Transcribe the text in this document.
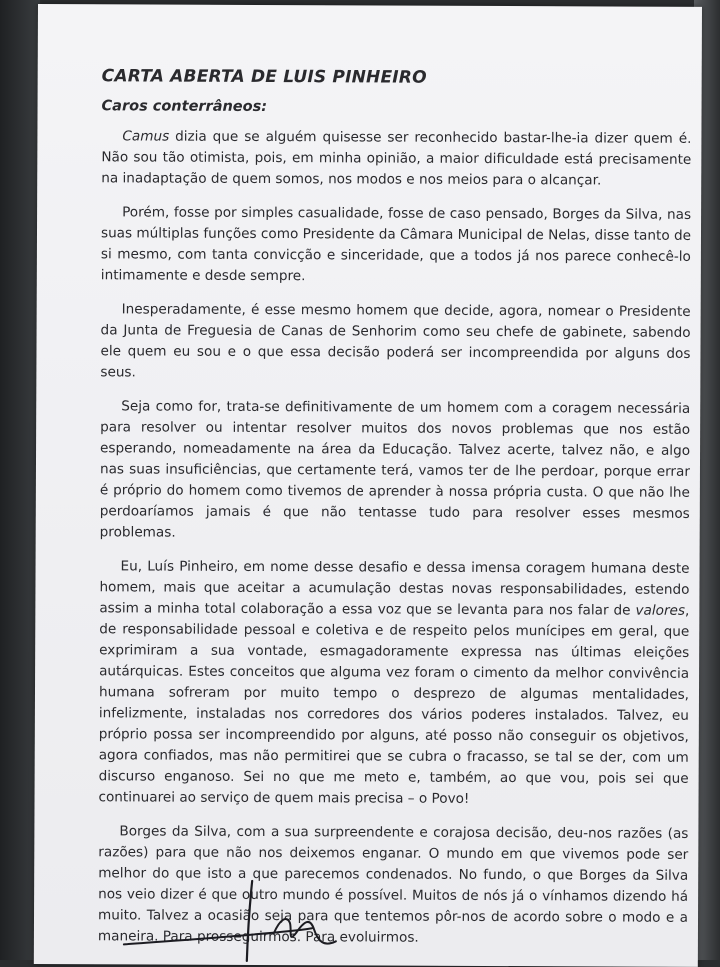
CARTA ABERTA DE LUIS PINHEIRO
Caros conterrâneos:

Camus dizia que se alguém quisesse ser reconhecido bastar-lhe-ia dizer quem é. Não sou tão otimista, pois, em minha opinião, a maior dificuldade está precisamente na inadaptação de quem somos, nos modos e nos meios para o alcançar.

Porém, fosse por simples casualidade, fosse de caso pensado, Borges da Silva, nas suas múltiplas funções como Presidente da Câmara Municipal de Nelas, disse tanto de si mesmo, com tanta convicção e sinceridade, que a todos já nos parece conhecê-lo intimamente e desde sempre.

Inesperadamente, é esse mesmo homem que decide, agora, nomear o Presidente da Junta de Freguesia de Canas de Senhorim como seu chefe de gabinete, sabendo ele quem eu sou e o que essa decisão poderá ser incompreendida por alguns dos seus.

Seja como for, trata-se definitivamente de um homem com a coragem necessária para resolver ou intentar resolver muitos dos novos problemas que nos estão esperando, nomeadamente na área da Educação. Talvez acerte, talvez não, e algo nas suas insuficiências, que certamente terá, vamos ter de lhe perdoar, porque errar é próprio do homem como tivemos de aprender à nossa própria custa. O que não lhe perdoaríamos jamais é que não tentasse tudo para resolver esses mesmos problemas.

Eu, Luís Pinheiro, em nome desse desafio e dessa imensa coragem humana deste homem, mais que aceitar a acumulação destas novas responsabilidades, estendo assim a minha total colaboração a essa voz que se levanta para nos falar de valores, de responsabilidade pessoal e coletiva e de respeito pelos munícipes em geral, que exprimiram a sua vontade, esmagadoramente expressa nas últimas eleições autárquicas. Estes conceitos que alguma vez foram o cimento da melhor convivência humana sofreram por muito tempo o desprezo de algumas mentalidades, infelizmente, instaladas nos corredores dos vários poderes instalados. Talvez, eu próprio possa ser incompreendido por alguns, até posso não conseguir os objetivos, agora confiados, mas não permitirei que se cubra o fracasso, se tal se der, com um discurso enganoso. Sei no que me meto e, também, ao que vou, pois sei que continuarei ao serviço de quem mais precisa – o Povo!

Borges da Silva, com a sua surpreendente e corajosa decisão, deu-nos razões (as razões) para que não nos deixemos enganar. O mundo em que vivemos pode ser melhor do que isto a que parecemos condenados. No fundo, o que Borges da Silva nos veio dizer é que outro mundo é possível. Muitos de nós já o vínhamos dizendo há muito. Talvez a ocasião seja para que tentemos pôr-nos de acordo sobre o modo e a maneira. Para prosseguirmos. Para evoluirmos.
